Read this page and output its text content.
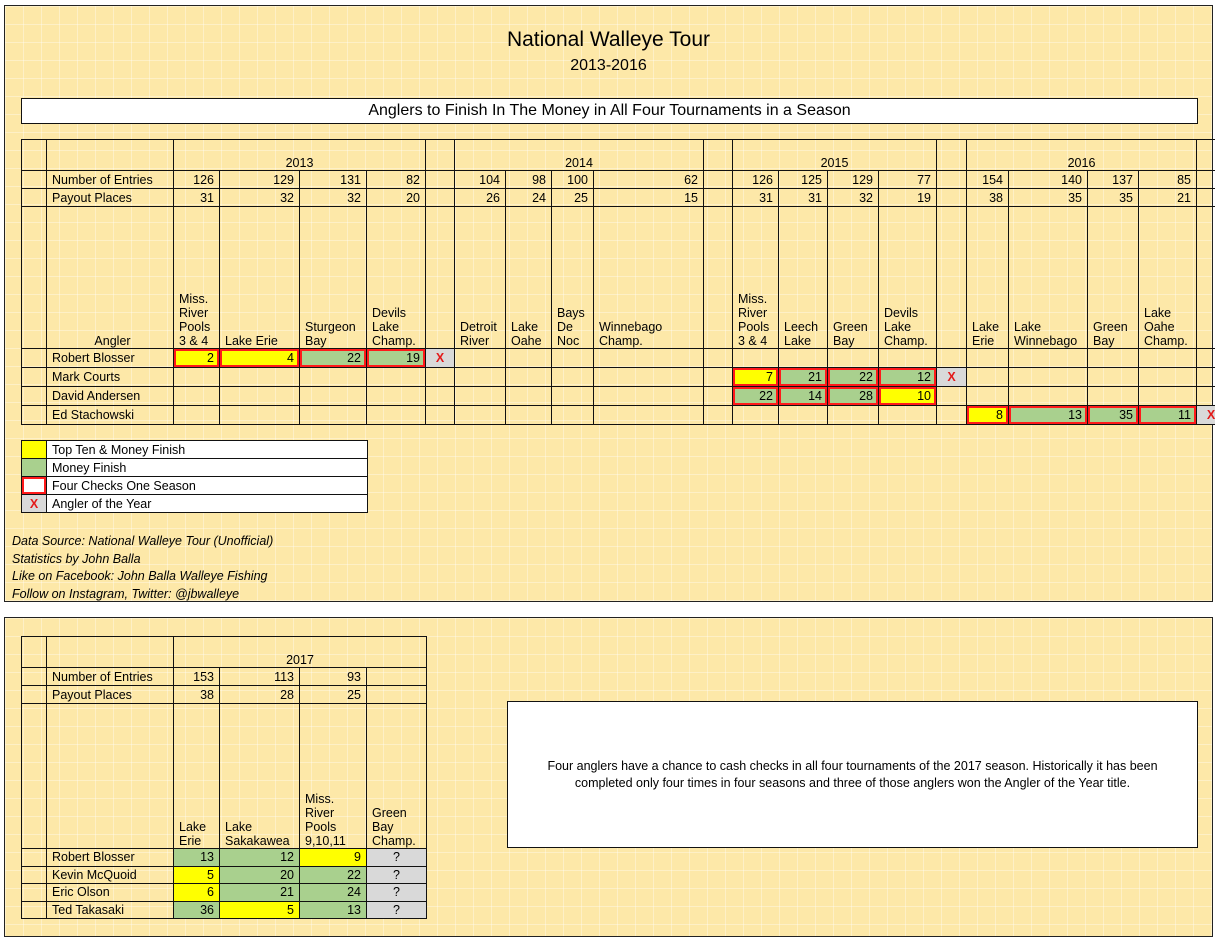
National Walleye Tour
2013-2016
Anglers to Finish In The Money in All Four Tournaments in a Season
		2013					2014					2015					2016				
	Number of Entries	126	129	131	82		104	98	100	62		126	125	129	77		154	140	137	85	
	Payout Places	31	32	32	20		26	24	25	15		31	31	32	19		38	35	35	21	
	Angler	Miss.
River
Pools
3 & 4	Lake Erie	Sturgeon
Bay	Devils
Lake
Champ.		Detroit
River	Lake
Oahe	Bays
De
Noc	Winnebago
Champ.		Miss.
River
Pools
3 & 4	Leech
Lake	Green
Bay	Devils
Lake
Champ.		Lake
Erie	Lake
Winnebago	Green
Bay	Lake
Oahe
Champ.	
	Robert Blosser	2	4	22	19	X															
	Mark Courts											7	21	22	12	X					
	David Andersen											22	14	28	10						
	Ed Stachowski																8	13	35	11	X
	Top Ten & Money Finish
	Money Finish
	Four Checks One Season
X	Angler of the Year
Data Source: National Walleye Tour (Unofficial)
Statistics by John Balla
Like on Facebook: John Balla Walleye Fishing
Follow on Instagram, Twitter: @jbwalleye
		2017			
	Number of Entries	153	113	93	
	Payout Places	38	28	25	
		Lake
Erie	Lake
Sakakawea	Miss.
River
Pools
9,10,11	Green
Bay
Champ.
	Robert Blosser	13	12	9	?
	Kevin McQuoid	5	20	22	?
	Eric Olson	6	21	24	?
	Ted Takasaki	36	5	13	?
Four anglers have a chance to cash checks in all four tournaments of the 2017 season. Historically it has been completed only four times in four seasons and three of those anglers won the Angler of the Year title.
